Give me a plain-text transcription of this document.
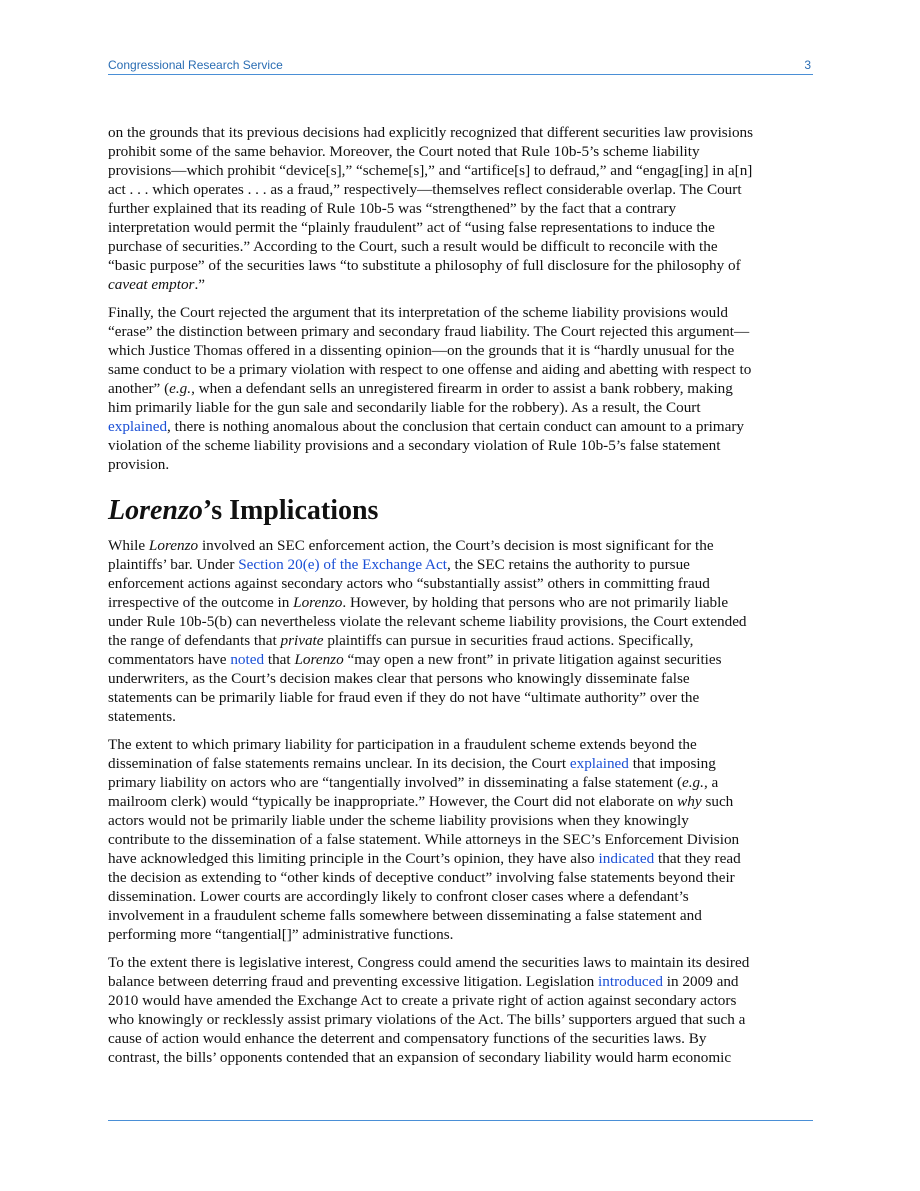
Congressional Research Service	3

on the grounds that its previous decisions had explicitly recognized that different securities law provisions
prohibit some of the same behavior. Moreover, the Court noted that Rule 10b-5’s scheme liability
provisions—which prohibit “device[s],” “scheme[s],” and “artifice[s] to defraud,” and “engag[ing] in a[n]
act . . . which operates . . . as a fraud,” respectively—themselves reflect considerable overlap. The Court
further explained that its reading of Rule 10b-5 was “strengthened” by the fact that a contrary
interpretation would permit the “plainly fraudulent” act of “using false representations to induce the
purchase of securities.” According to the Court, such a result would be difficult to reconcile with the
“basic purpose” of the securities laws “to substitute a philosophy of full disclosure for the philosophy of
caveat emptor.”

Finally, the Court rejected the argument that its interpretation of the scheme liability provisions would
“erase” the distinction between primary and secondary fraud liability. The Court rejected this argument—
which Justice Thomas offered in a dissenting opinion—on the grounds that it is “hardly unusual for the
same conduct to be a primary violation with respect to one offense and aiding and abetting with respect to
another” (e.g., when a defendant sells an unregistered firearm in order to assist a bank robbery, making
him primarily liable for the gun sale and secondarily liable for the robbery). As a result, the Court
explained, there is nothing anomalous about the conclusion that certain conduct can amount to a primary
violation of the scheme liability provisions and a secondary violation of Rule 10b-5’s false statement
provision.

Lorenzo’s Implications

While Lorenzo involved an SEC enforcement action, the Court’s decision is most significant for the
plaintiffs’ bar. Under Section 20(e) of the Exchange Act, the SEC retains the authority to pursue
enforcement actions against secondary actors who “substantially assist” others in committing fraud
irrespective of the outcome in Lorenzo. However, by holding that persons who are not primarily liable
under Rule 10b-5(b) can nevertheless violate the relevant scheme liability provisions, the Court extended
the range of defendants that private plaintiffs can pursue in securities fraud actions. Specifically,
commentators have noted that Lorenzo “may open a new front” in private litigation against securities
underwriters, as the Court’s decision makes clear that persons who knowingly disseminate false
statements can be primarily liable for fraud even if they do not have “ultimate authority” over the
statements.

The extent to which primary liability for participation in a fraudulent scheme extends beyond the
dissemination of false statements remains unclear. In its decision, the Court explained that imposing
primary liability on actors who are “tangentially involved” in disseminating a false statement (e.g., a
mailroom clerk) would “typically be inappropriate.” However, the Court did not elaborate on why such
actors would not be primarily liable under the scheme liability provisions when they knowingly
contribute to the dissemination of a false statement. While attorneys in the SEC’s Enforcement Division
have acknowledged this limiting principle in the Court’s opinion, they have also indicated that they read
the decision as extending to “other kinds of deceptive conduct” involving false statements beyond their
dissemination. Lower courts are accordingly likely to confront closer cases where a defendant’s
involvement in a fraudulent scheme falls somewhere between disseminating a false statement and
performing more “tangential[]” administrative functions.

To the extent there is legislative interest, Congress could amend the securities laws to maintain its desired
balance between deterring fraud and preventing excessive litigation. Legislation introduced in 2009 and
2010 would have amended the Exchange Act to create a private right of action against secondary actors
who knowingly or recklessly assist primary violations of the Act. The bills’ supporters argued that such a
cause of action would enhance the deterrent and compensatory functions of the securities laws. By
contrast, the bills’ opponents contended that an expansion of secondary liability would harm economic
